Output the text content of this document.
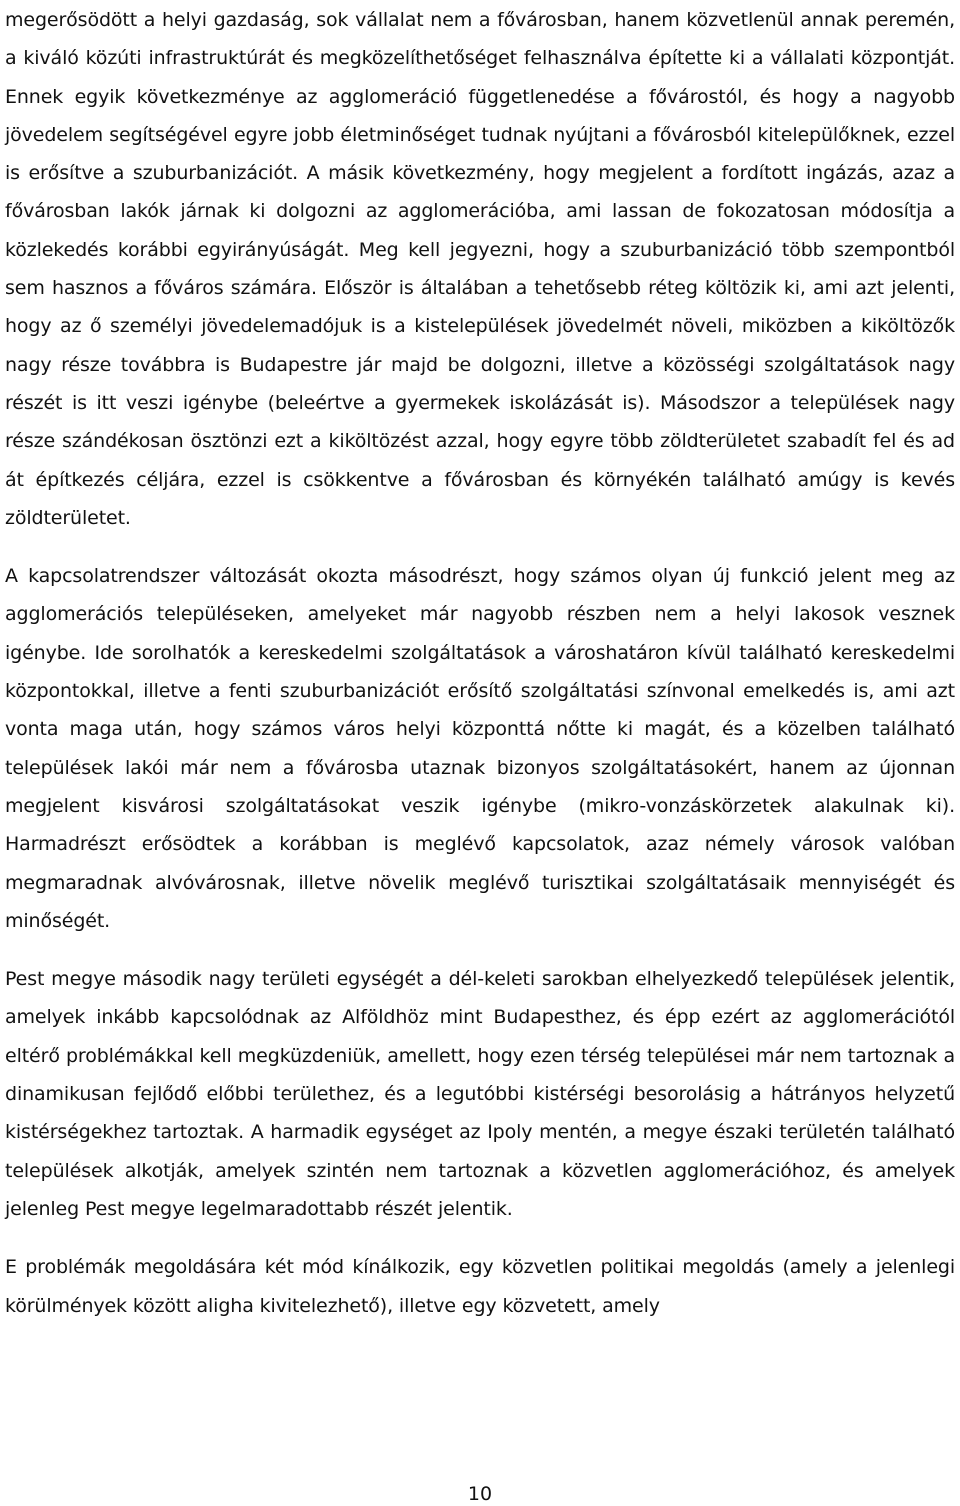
megerősödött a helyi gazdaság, sok vállalat nem a fővárosban, hanem közvetlenül annak peremén, a kiváló közúti infrastruktúrát és megközelíthetőséget felhasználva építette ki a vállalati központját. Ennek egyik következménye az agglomeráció függetlenedése a fővárostól, és hogy a nagyobb jövedelem segítségével egyre jobb életminőséget tudnak nyújtani a fővárosból kitelepülőknek, ezzel is erősítve a szuburbanizációt. A másik következmény, hogy megjelent a fordított ingázás, azaz a fővárosban lakók járnak ki dolgozni az agglomerációba, ami lassan de fokozatosan módosítja a közlekedés korábbi egyirányúságát. Meg kell jegyezni, hogy a szuburbanizáció több szempontból sem hasznos a főváros számára. Először is általában a tehetősebb réteg költözik ki, ami azt jelenti, hogy az ő személyi jövedelemadójuk is a kistelepülések jövedelmét növeli, miközben a kiköltözők nagy része továbbra is Budapestre jár majd be dolgozni, illetve a közösségi szolgáltatások nagy részét is itt veszi igénybe (beleértve a gyermekek iskolázását is). Másodszor a települések nagy része szándékosan ösztönzi ezt a kiköltözést azzal, hogy egyre több zöldterületet szabadít fel és ad át építkezés céljára, ezzel is csökkentve a fővárosban és környékén található amúgy is kevés zöldterületet.

A kapcsolatrendszer változását okozta másodrészt, hogy számos olyan új funkció jelent meg az agglomerációs településeken, amelyeket már nagyobb részben nem a helyi lakosok vesznek igénybe. Ide sorolhatók a kereskedelmi szolgáltatások a városhatáron kívül található kereskedelmi központokkal, illetve a fenti szuburbanizációt erősítő szolgáltatási színvonal emelkedés is, ami azt vonta maga után, hogy számos város helyi központtá nőtte ki magát, és a közelben található települések lakói már nem a fővárosba utaznak bizonyos szolgáltatásokért, hanem az újonnan megjelent kisvárosi szolgáltatásokat veszik igénybe (mikro-vonzáskörzetek alakulnak ki). Harmadrészt erősödtek a korábban is meglévő kapcsolatok, azaz némely városok valóban megmaradnak alvóvárosnak, illetve növelik meglévő turisztikai szolgáltatásaik mennyiségét és minőségét.

Pest megye második nagy területi egységét a dél-keleti sarokban elhelyezkedő települések jelentik, amelyek inkább kapcsolódnak az Alföldhöz mint Budapesthez, és épp ezért az agglomerációtól eltérő problémákkal kell megküzdeniük, amellett, hogy ezen térség települései már nem tartoznak a dinamikusan fejlődő előbbi területhez, és a legutóbbi kistérségi besorolásig a hátrányos helyzetű kistérségekhez tartoztak. A harmadik egységet az Ipoly mentén, a megye északi területén található települések alkotják, amelyek szintén nem tartoznak a közvetlen agglomerációhoz, és amelyek jelenleg Pest megye legelmaradottabb részét jelentik.

E problémák megoldására két mód kínálkozik, egy közvetlen politikai megoldás (amely a jelenlegi körülmények között aligha kivitelezhető), illetve egy közvetett, amely

10
